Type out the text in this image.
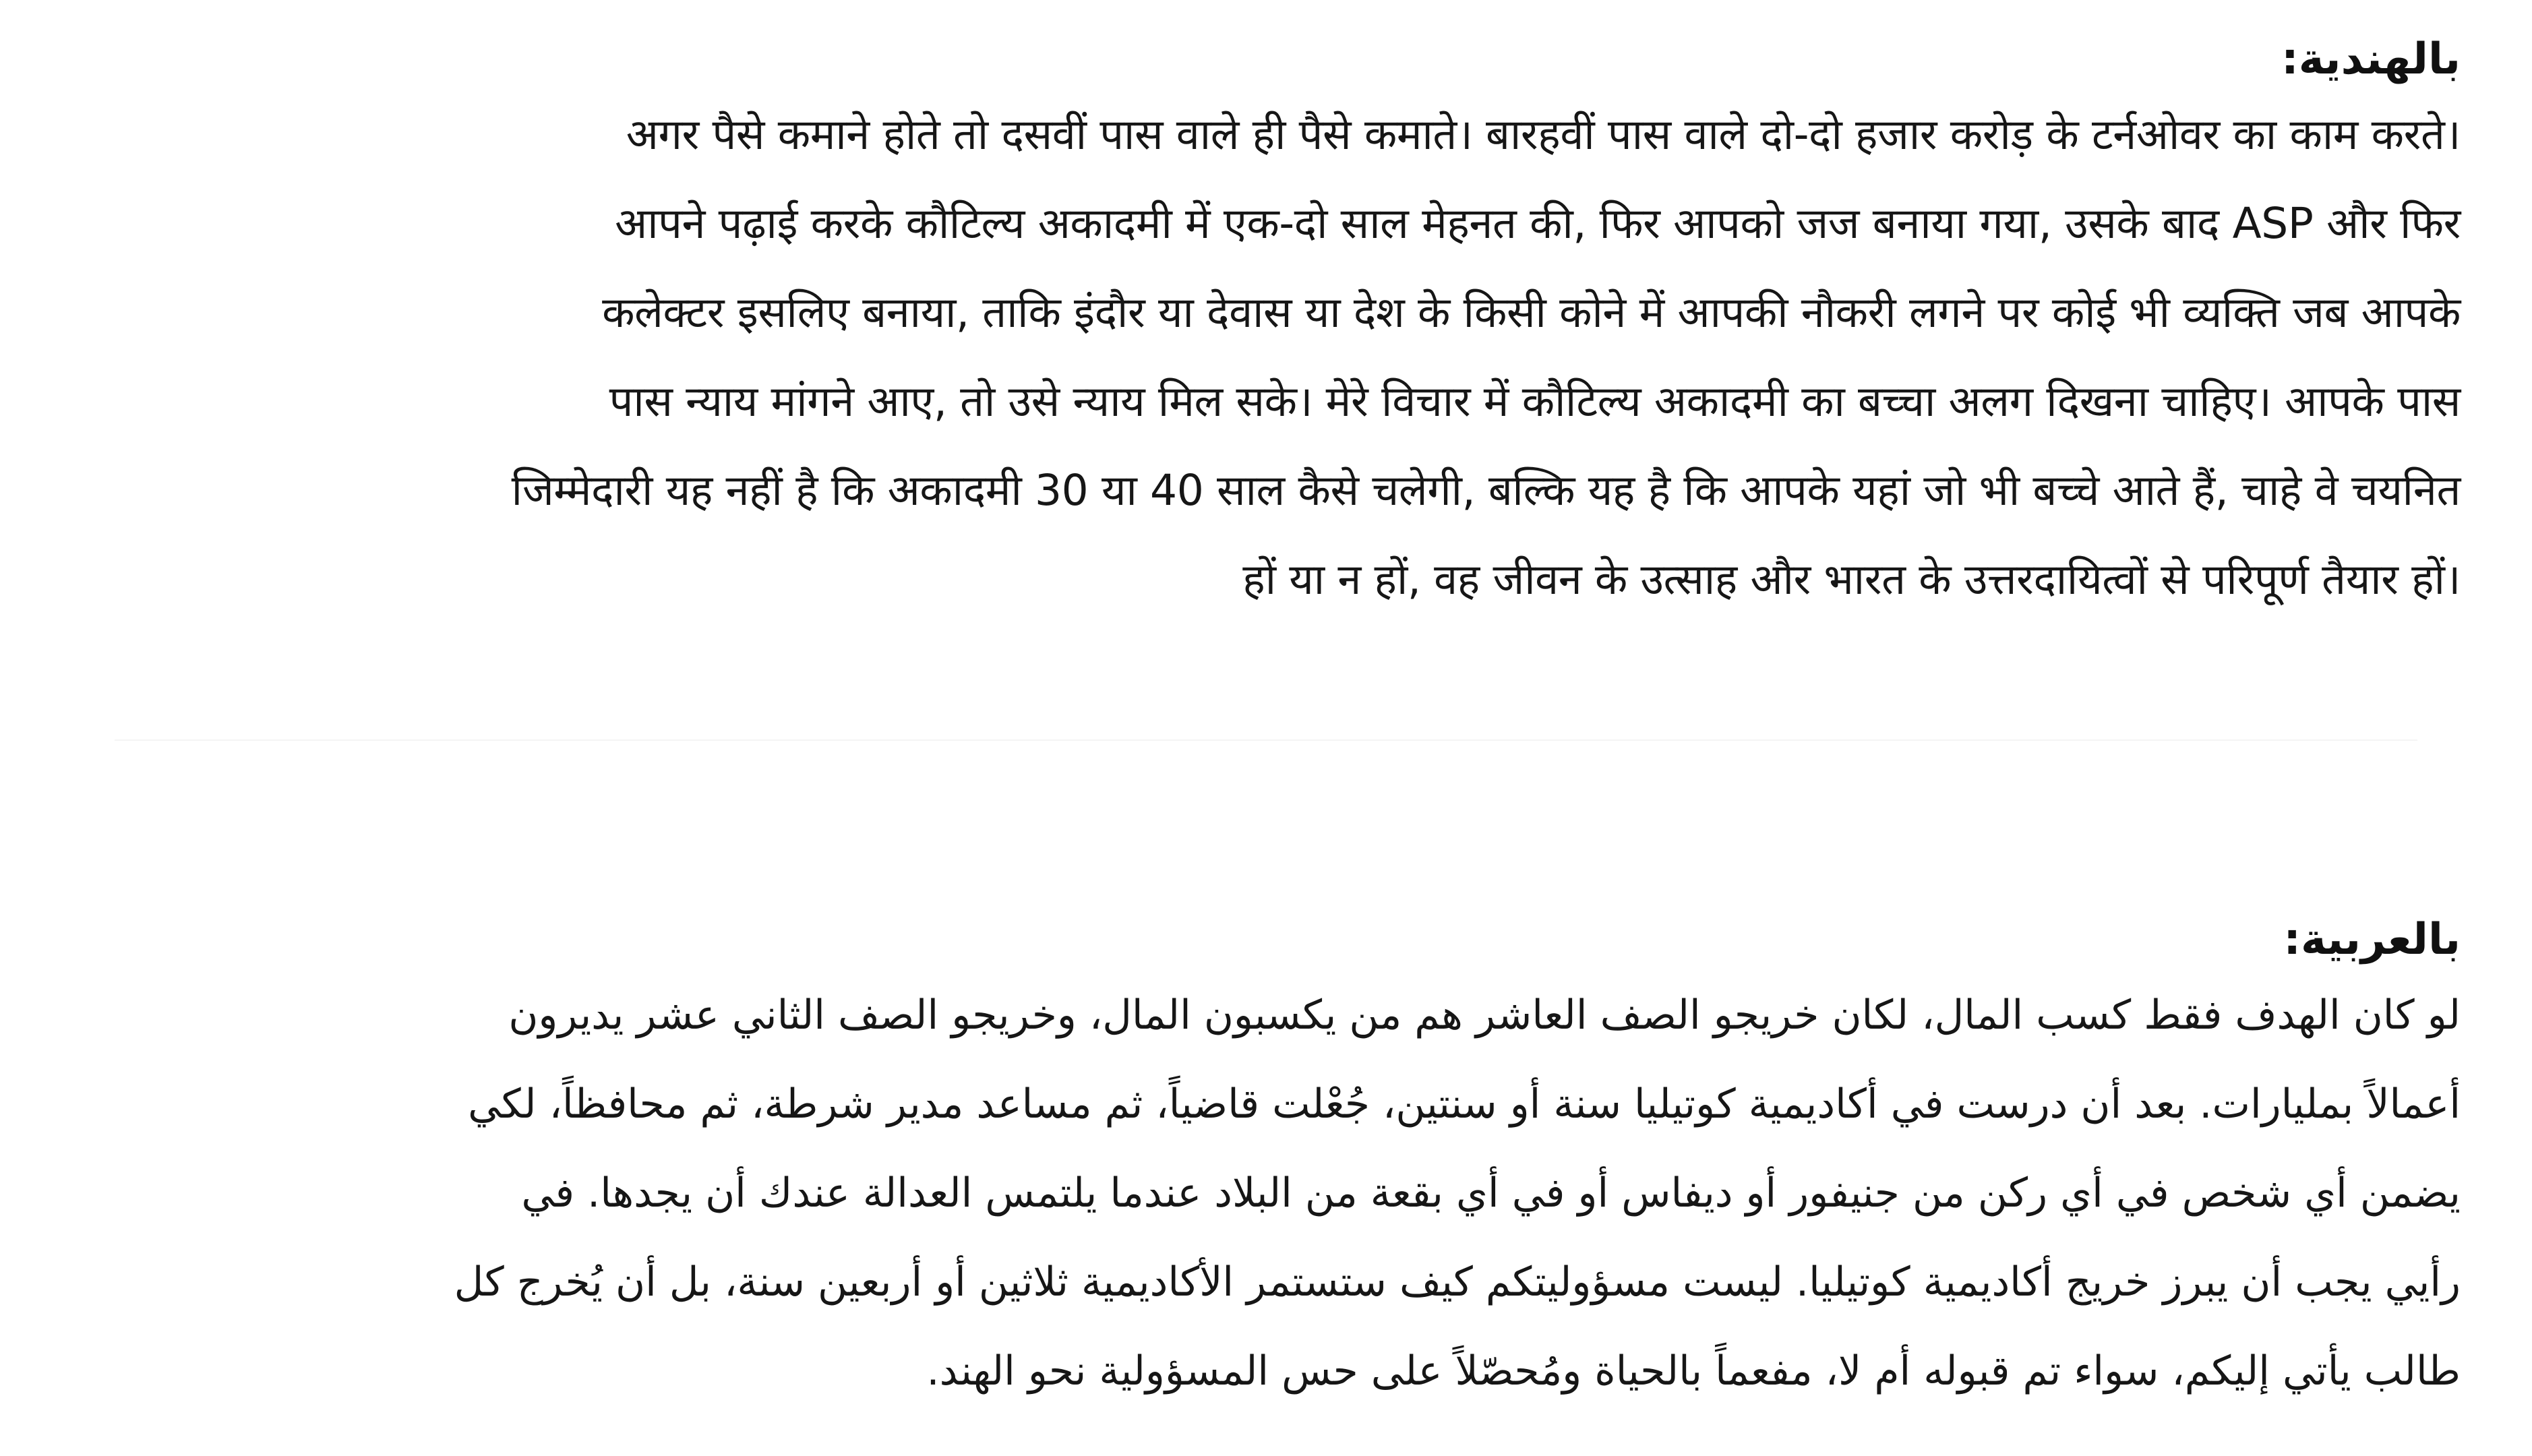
بالهندية:
अगर पैसे कमाने होते तो दसवीं पास वाले ही पैसे कमाते। बारहवीं पास वाले दो-दो हजार करोड़ के टर्नओवर का काम करते।
आपने पढ़ाई करके कौटिल्य अकादमी में एक-दो साल मेहनत की, फिर आपको जज बनाया गया, उसके बाद ASP और फिर
कलेक्टर इसलिए बनाया, ताकि इंदौर या देवास या देश के किसी कोने में आपकी नौकरी लगने पर कोई भी व्यक्ति जब आपके
पास न्याय मांगने आए, तो उसे न्याय मिल सके। मेरे विचार में कौटिल्य अकादमी का बच्चा अलग दिखना चाहिए। आपके पास
जिम्मेदारी यह नहीं है कि अकादमी 30 या 40 साल कैसे चलेगी, बल्कि यह है कि आपके यहां जो भी बच्चे आते हैं, चाहे वे चयनित
हों या न हों, वह जीवन के उत्साह और भारत के उत्तरदायित्वों से परिपूर्ण तैयार हों।
بالعربية:
لو كان الهدف فقط كسب المال، لكان خريجو الصف العاشر هم من يكسبون المال، وخريجو الصف الثاني عشر يديرون
أعمالاً بمليارات. بعد أن درست في أكاديمية كوتيليا سنة أو سنتين، جُعْلت قاضياً، ثم مساعد مدير شرطة، ثم محافظاً، لكي
يضمن أي شخص في أي ركن من جنيفور أو ديفاس أو في أي بقعة من البلاد عندما يلتمس العدالة عندك أن يجدها. في
رأيي يجب أن يبرز خريج أكاديمية كوتيليا. ليست مسؤوليتكم كيف ستستمر الأكاديمية ثلاثين أو أربعين سنة، بل أن يُخرج كل
طالب يأتي إليكم، سواء تم قبوله أم لا، مفعماً بالحياة ومُحصّلاً على حس المسؤولية نحو الهند.
